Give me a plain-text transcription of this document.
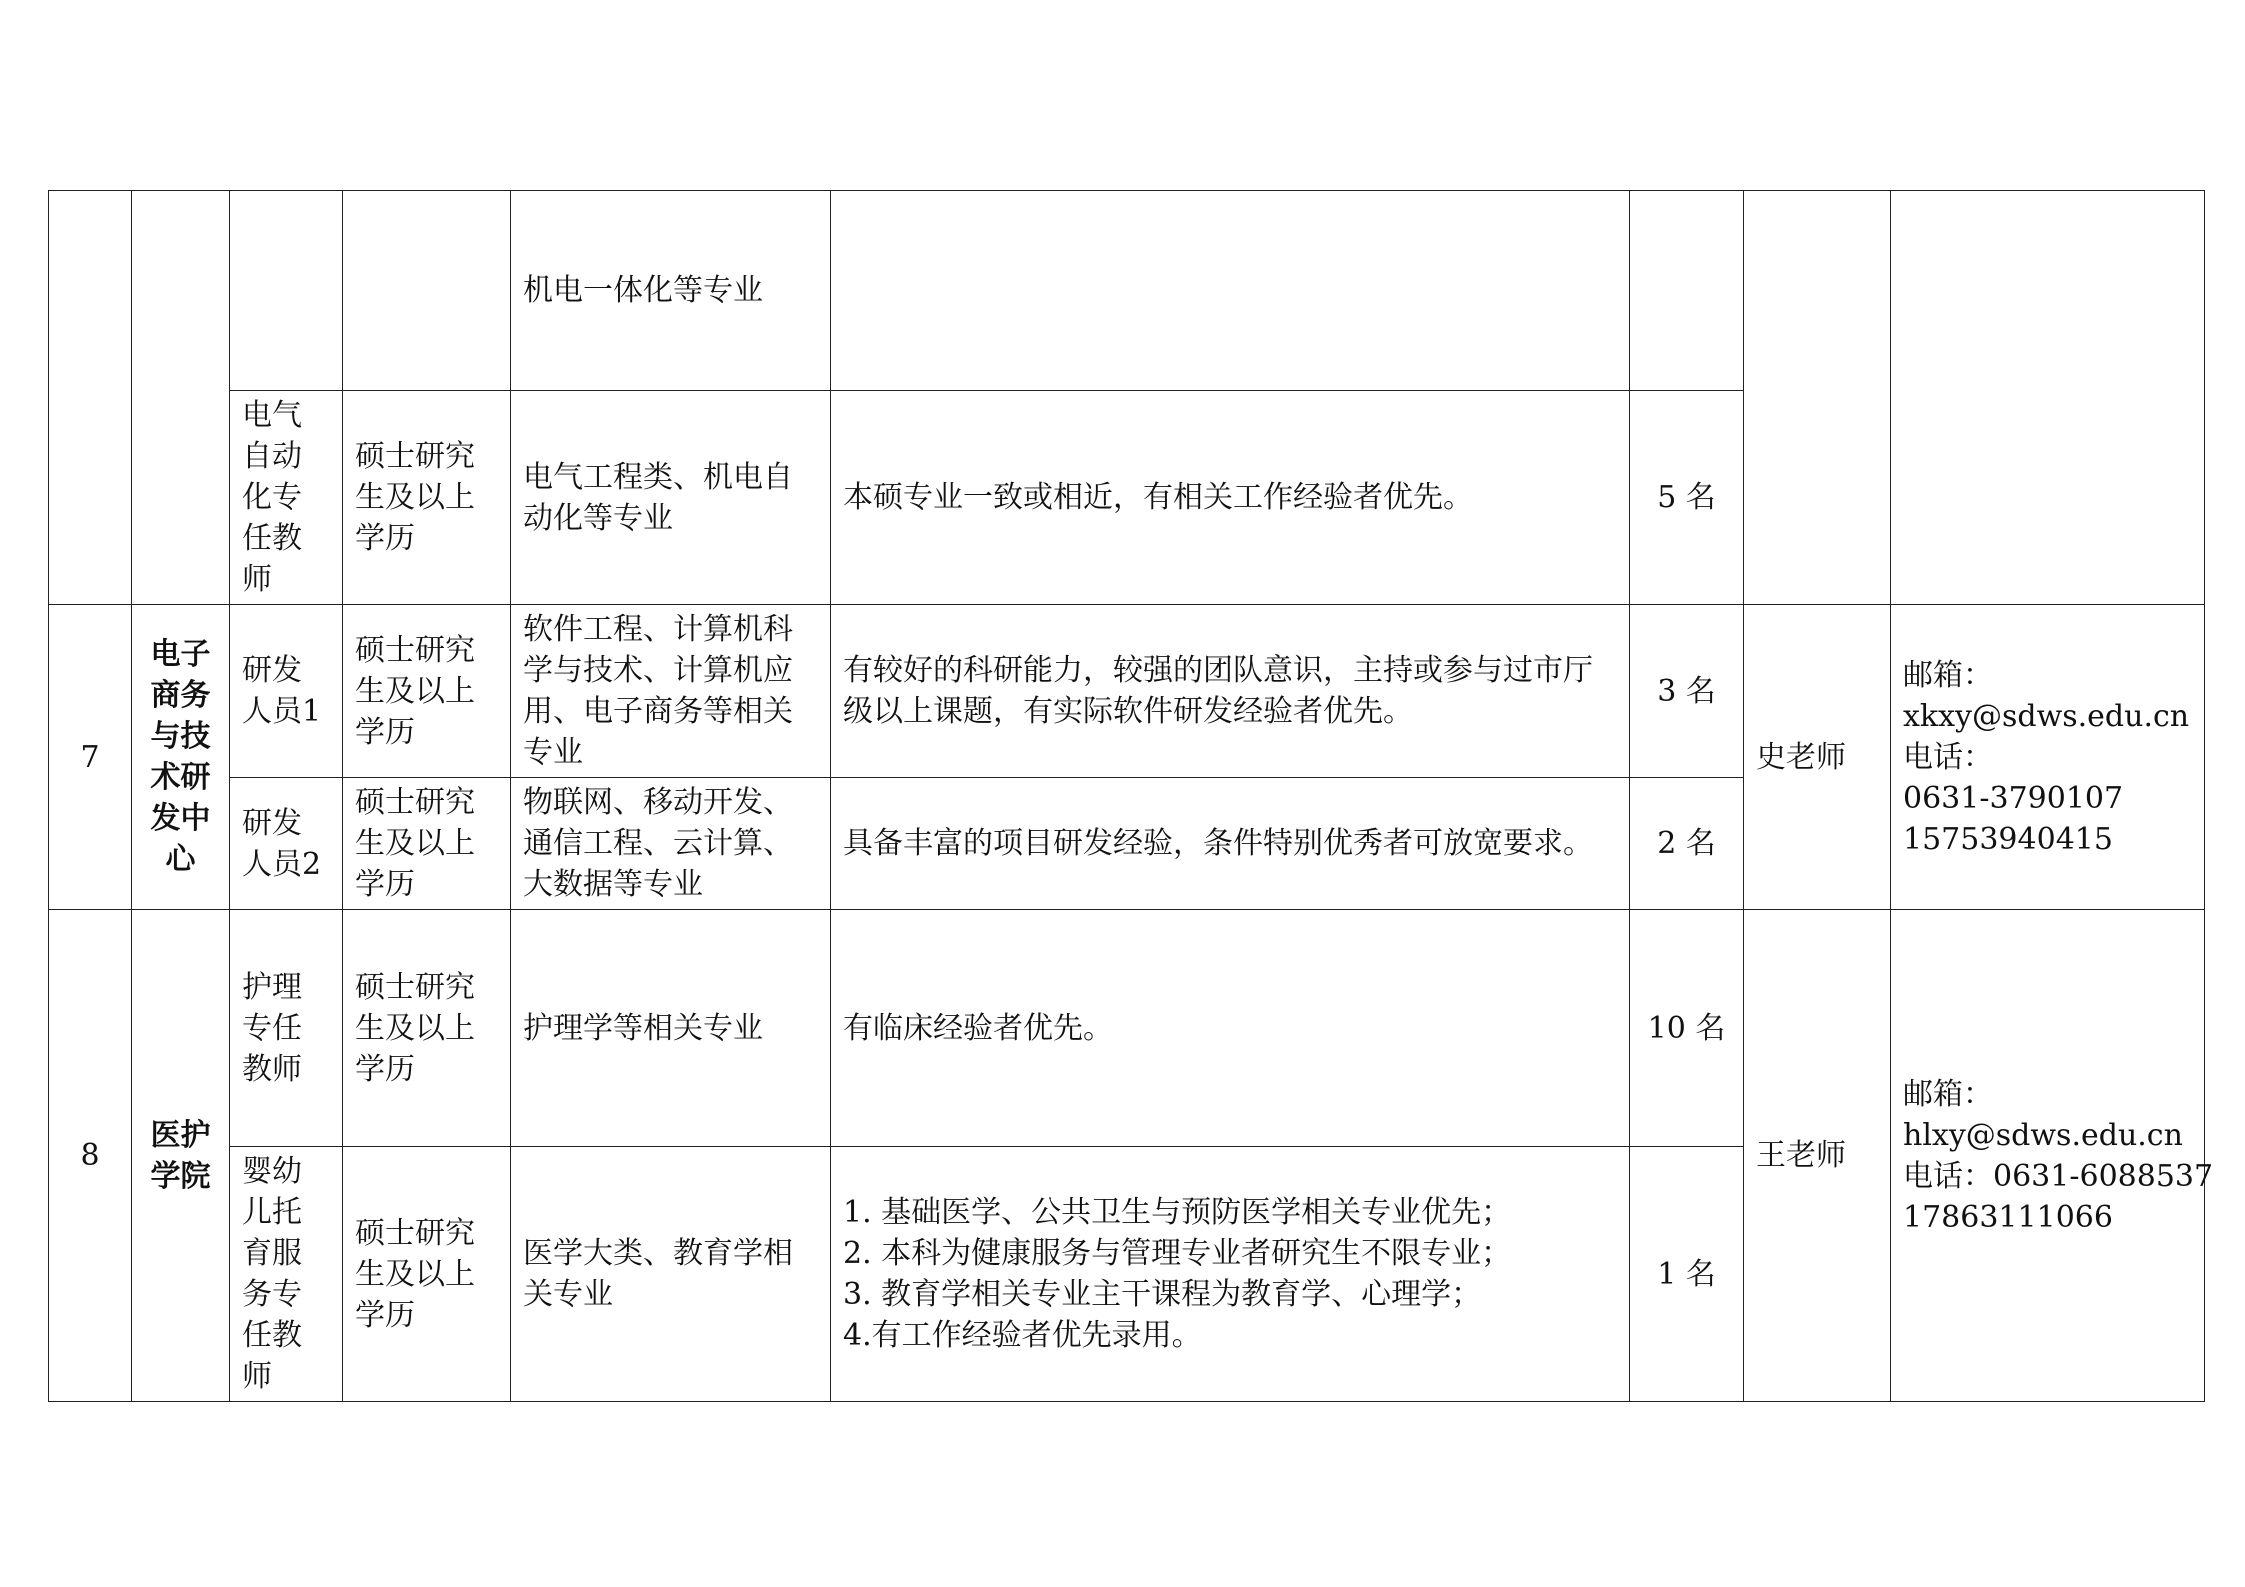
				机电一体化等专业				
		电气自动化专任教师	硕士研究生及以上学历	电气工程类、机电自动化等专业	本硕专业一致或相近，有相关工作经验者优先。	5 名		
7	电子商务与技术研发中心	研发人员1	硕士研究生及以上学历	软件工程、计算机科学与技术、计算机应用、电子商务等相关专业	有较好的科研能力，较强的团队意识，主持或参与过市厅级以上课题，有实际软件研发经验者优先。	3 名	史老师	邮箱：
xkxy@sdws.edu.cn
电话：
0631-3790107
15753940415

		研发人员2	硕士研究生及以上学历	物联网、移动开发、通信工程、云计算、大数据等专业	具备丰富的项目研发经验，条件特别优秀者可放宽要求。	2 名		
8	医护学院	护理专任教师	硕士研究生及以上学历	护理学等相关专业	有临床经验者优先。	10 名	王老师	邮箱：
hlxy@sdws.edu.cn
电话：0631-6088537
17863111066

		婴幼儿托育服务专任教师	硕士研究生及以上学历	医学大类、教育学相关专业	1. 基础医学、公共卫生与预防医学相关专业优先；
2. 本科为健康服务与管理专业者研究生不限专业；
3. 教育学相关专业主干课程为教育学、心理学；
4.有工作经验者优先录用。	1 名		
